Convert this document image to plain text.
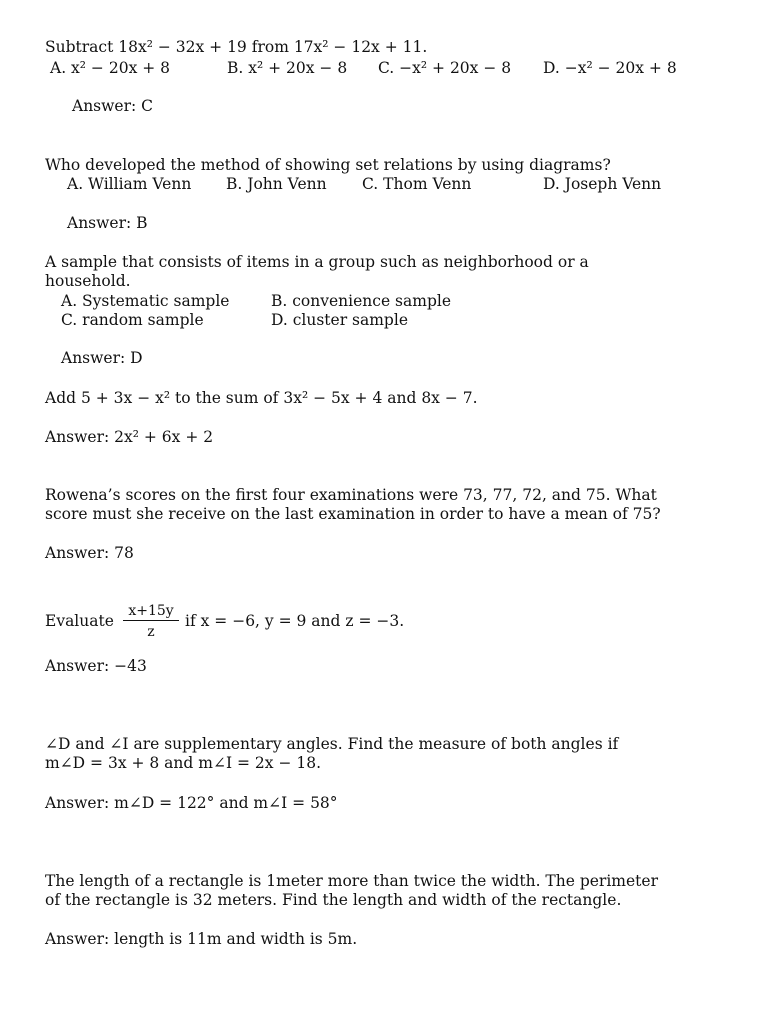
Subtract 18x² − 32x + 19 from 17x² − 12x + 11.
A. x² − 20x + 8	B. x² + 20x − 8 C. −x² + 20x − 8 D. −x² − 20x + 8
Answer: C
Who developed the method of showing set relations by using diagrams?
A. William Venn B. John Venn C. Thom Venn	D. Joseph Venn
Answer: B
A sample that consists of items in a group such as neighborhood or a
household.
A. Systematic sample	B. convenience sample
C. random sample	D. cluster sample
Answer: D
Add 5 + 3x − x² to the sum of 3x² − 5x + 4 and 8x − 7.
Answer: 2x² + 6x + 2
Rowena’s scores on the first four examinations were 73, 77, 72, and 75. What
score must she receive on the last examination in order to have a mean of 75?
Answer: 78
Evaluate
x+15y
z
if x = −6, y = 9 and z = −3.
Answer: −43
∠D and ∠I are supplementary angles. Find the measure of both angles if
m∠D = 3x + 8 and m∠I = 2x − 18.
Answer: m∠D = 122° and m∠I = 58°
The length of a rectangle is 1meter more than twice the width. The perimeter
of the rectangle is 32 meters. Find the length and width of the rectangle.
Answer: length is 11m and width is 5m.
